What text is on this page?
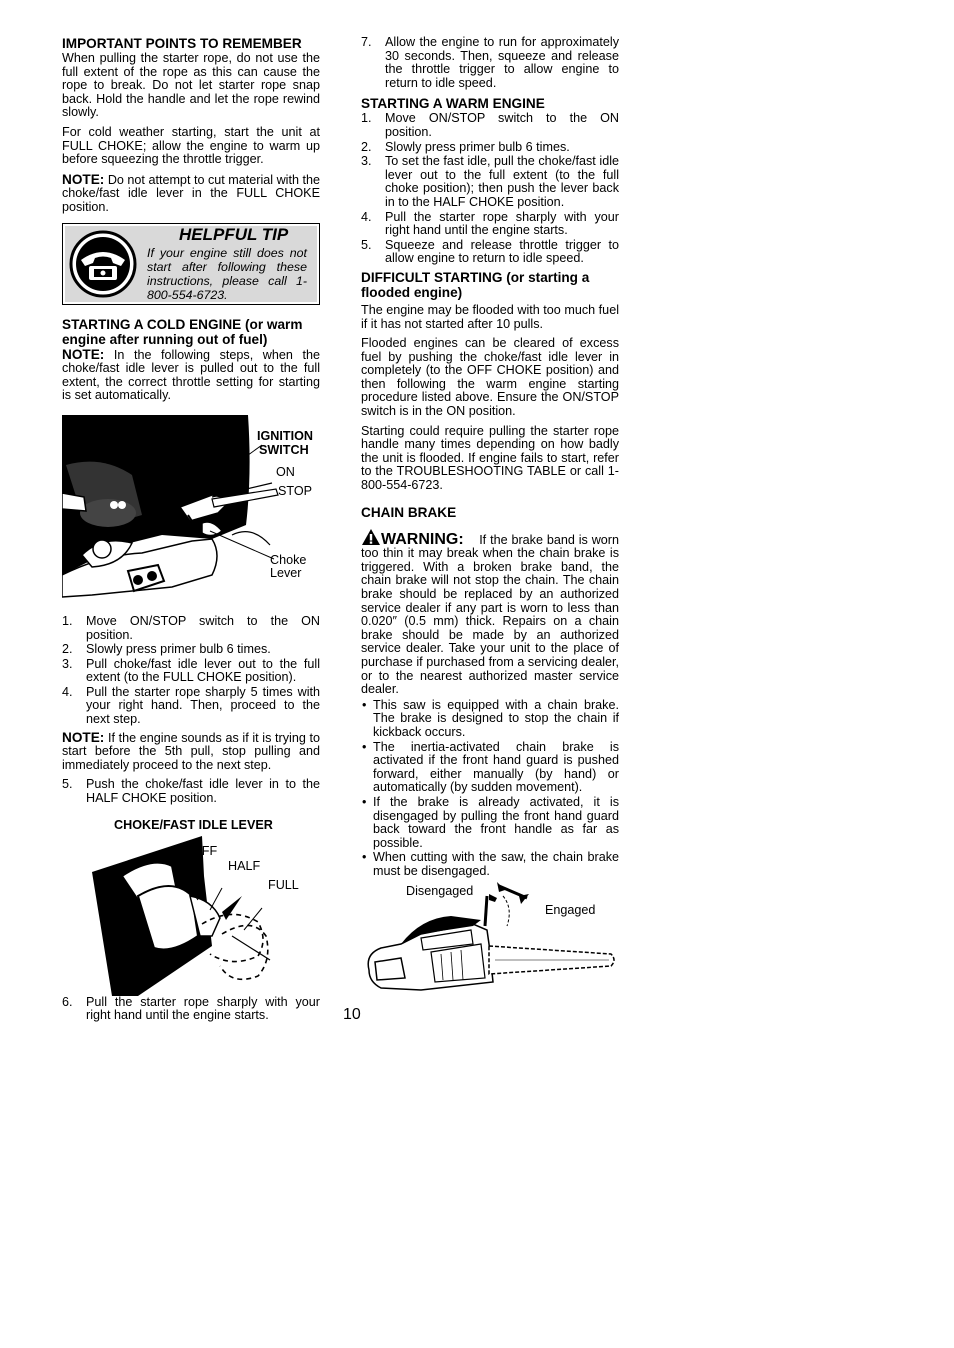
IMPORTANT POINTS TO REMEMBER

When pulling the starter rope, do not use the full extent of the rope as this can cause the rope to break. Do not let starter rope snap back. Hold the handle and let the rope rewind slowly.

For cold weather starting, start the unit at FULL CHOKE; allow the engine to warm up before squeezing the throttle trigger.

NOTE: Do not attempt to cut material with the choke/fast idle lever in the FULL CHOKE position.

HELPFUL TIP
If your engine still does not start after following these instructions, please call 1-800-554-6723.
STARTING A COLD ENGINE (or warm engine after running out of fuel)

NOTE: In the following steps, when the choke/fast idle lever is pulled out to the full extent, the correct throttle setting for starting is set automatically.

IGNITION
SWITCH
ON
STOP
Choke
Lever
1. Move ON/STOP switch to the ON position.
2. Slowly press primer bulb 6 times.
3. Pull choke/fast idle lever out to the full extent (to the FULL CHOKE position).
4. Pull the starter rope sharply 5 times with your right hand. Then, proceed to the next step.

NOTE: If the engine sounds as if it is trying to start before the 5th pull, stop pulling and immediately proceed to the next step.

5. Push the choke/fast idle lever in to the HALF CHOKE position.
CHOKE/FAST IDLE LEVER
OFF
HALF
FULL
6. Pull the starter rope sharply with your right hand until the engine starts.
7. Allow the engine to run for approximately 30 seconds. Then, squeeze and release the throttle trigger to allow engine to return to idle speed.
STARTING A WARM ENGINE
1. Move ON/STOP switch to the ON position.
2. Slowly press primer bulb 6 times.
3. To set the fast idle, pull the choke/fast idle lever out to the full extent (to the full choke position); then push the lever back in to the HALF CHOKE position.
4. Pull the starter rope sharply with your right hand until the engine starts.
5. Squeeze and release throttle trigger to allow engine to return to idle speed.
DIFFICULT STARTING (or starting a flooded engine)

The engine may be flooded with too much fuel if it has not started after 10 pulls.

Flooded engines can be cleared of excess fuel by pushing the choke/fast idle lever in completely (to the OFF CHOKE position) and then following the warm engine starting procedure listed above. Ensure the ON/STOP switch is in the ON position.

Starting could require pulling the starter rope handle many times depending on how badly the unit is flooded. If engine fails to start, refer to the TROUBLESHOOTING TABLE or call 1-800-554-6723.

CHAIN BRAKE

WARNING: If the brake band is worn too thin it may break when the chain brake is triggered. With a broken brake band, the chain brake will not stop the chain. The chain brake should be replaced by an authorized service dealer if any part is worn to less than 0.020″ (0.5 mm) thick. Repairs on a chain brake should be made by an authorized service dealer. Take your unit to the place of purchase if purchased from a servicing dealer, or to the nearest authorized master service dealer.

• This saw is equipped with a chain brake. The brake is designed to stop the chain if kickback occurs.
• The inertia-activated chain brake is activated if the front hand guard is pushed forward, either manually (by hand) or automatically (by sudden movement).
• If the brake is already activated, it is disengaged by pulling the front hand guard back toward the front handle as far as possible.
• When cutting with the saw, the chain brake must be disengaged.
Disengaged
Engaged
10
